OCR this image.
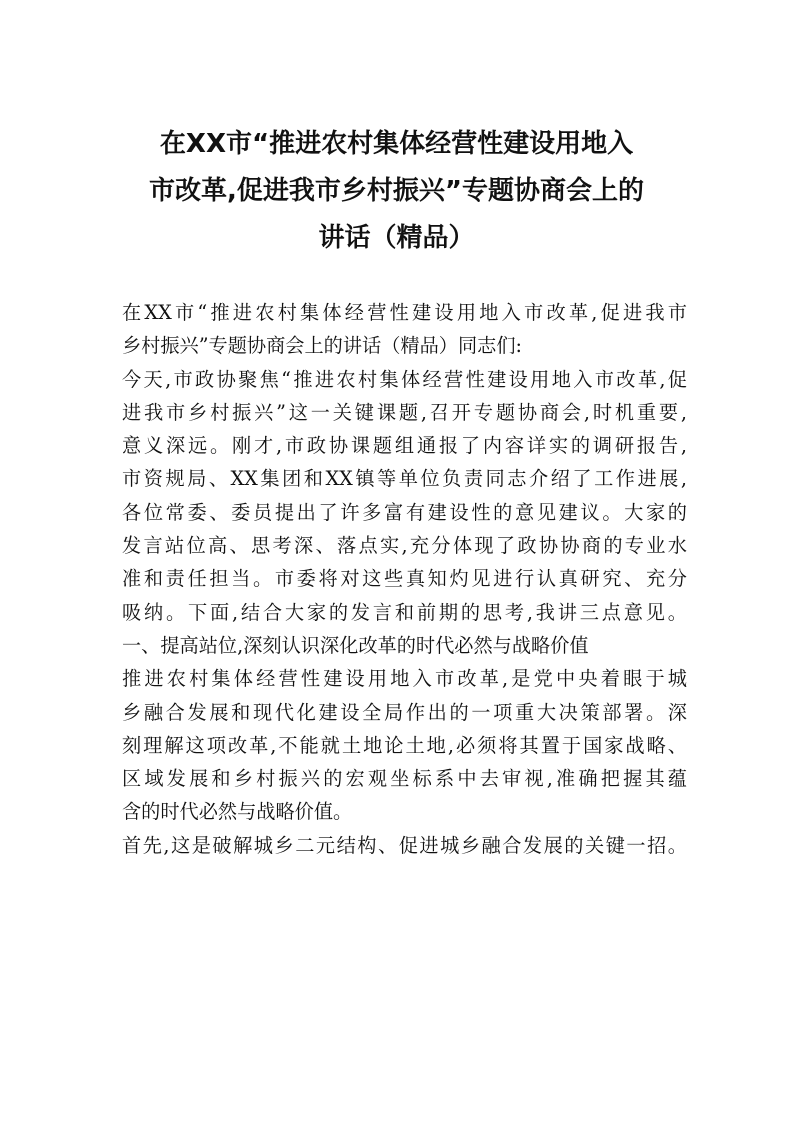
在XX市“推进农村集体经营性建设用地入
市改革,促进我市乡村振兴”专题协商会上的
讲话（精品）
在XX市“推进农村集体经营性建设用地入市改革,促进我市
乡村振兴”专题协商会上的讲话（精品）同志们:
今天,市政协聚焦“推进农村集体经营性建设用地入市改革,促
进我市乡村振兴”这一关键课题,召开专题协商会,时机重要,
意义深远。刚才,市政协课题组通报了内容详实的调研报告,
市资规局、XX集团和XX镇等单位负责同志介绍了工作进展,
各位常委、委员提出了许多富有建设性的意见建议。大家的
发言站位高、思考深、落点实,充分体现了政协协商的专业水
准和责任担当。市委将对这些真知灼见进行认真研究、充分
吸纳。下面,结合大家的发言和前期的思考,我讲三点意见。
一、提高站位,深刻认识深化改革的时代必然与战略价值
推进农村集体经营性建设用地入市改革,是党中央着眼于城
乡融合发展和现代化建设全局作出的一项重大决策部署。深
刻理解这项改革,不能就土地论土地,必须将其置于国家战略、
区域发展和乡村振兴的宏观坐标系中去审视,准确把握其蕴
含的时代必然与战略价值。
首先,这是破解城乡二元结构、促进城乡融合发展的关键一招。
